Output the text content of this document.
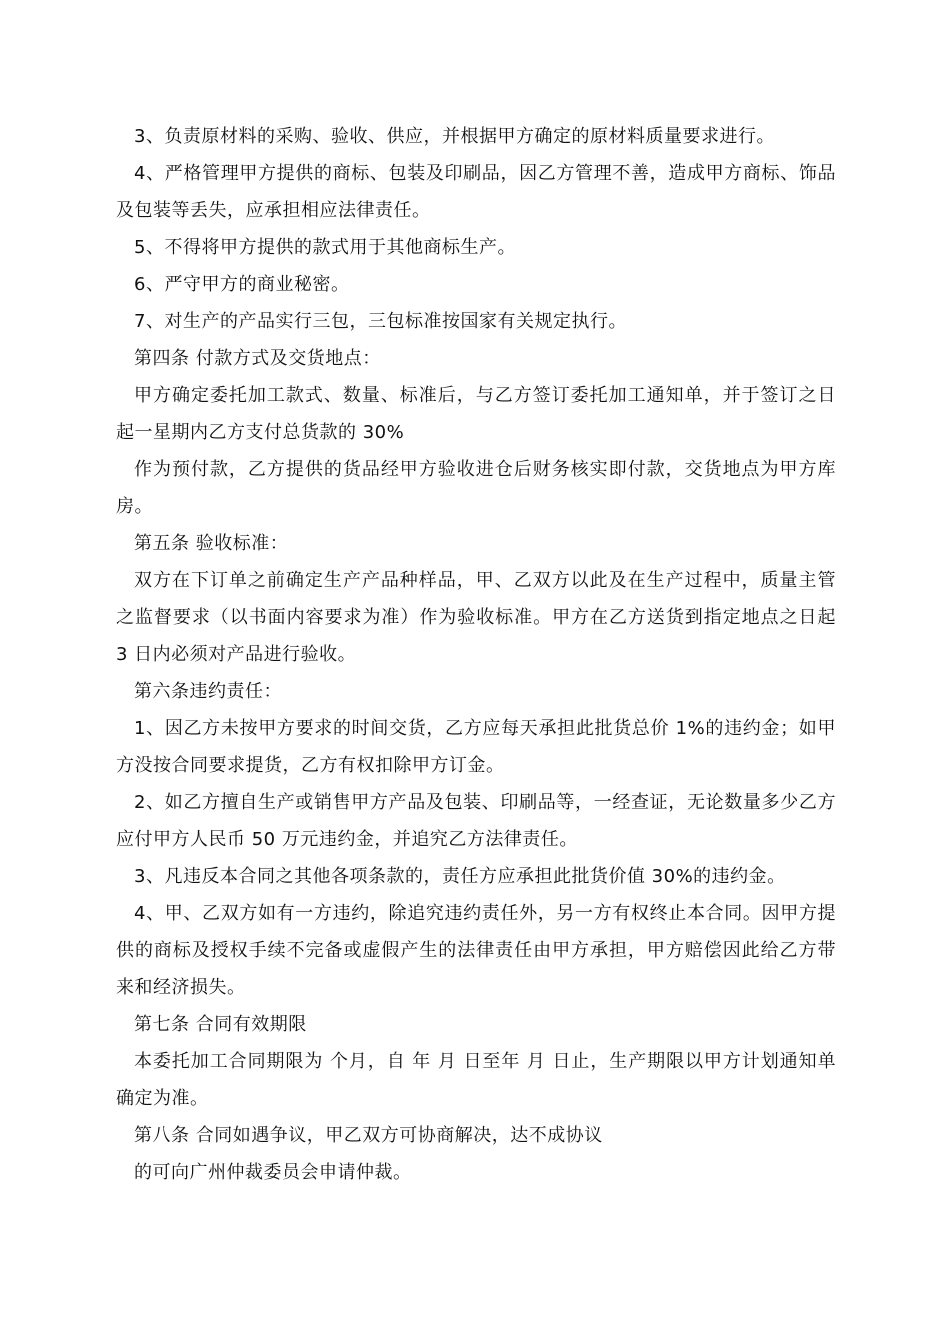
3、负责原材料的采购、验收、供应，并根据甲方确定的原材料质量要求进行。

4、严格管理甲方提供的商标、包装及印刷品，因乙方管理不善，造成甲方商标、饰品及包装等丢失，应承担相应法律责任。

5、不得将甲方提供的款式用于其他商标生产。

6、严守甲方的商业秘密。

7、对生产的产品实行三包，三包标准按国家有关规定执行。

第四条 付款方式及交货地点：

甲方确定委托加工款式、数量、标准后，与乙方签订委托加工通知单，并于签订之日起一星期内乙方支付总货款的 30%

作为预付款，乙方提供的货品经甲方验收进仓后财务核实即付款，交货地点为甲方库房。

第五条 验收标准：

双方在下订单之前确定生产产品种样品，甲、乙双方以此及在生产过程中，质量主管之监督要求（以书面内容要求为准）作为验收标准。甲方在乙方送货到指定地点之日起 3 日内必须对产品进行验收。

第六条违约责任：

1、因乙方未按甲方要求的时间交货，乙方应每天承担此批货总价 1%的违约金；如甲方没按合同要求提货，乙方有权扣除甲方订金。

2、如乙方擅自生产或销售甲方产品及包装、印刷品等，一经查证，无论数量多少乙方应付甲方人民币 50 万元违约金，并追究乙方法律责任。

3、凡违反本合同之其他各项条款的，责任方应承担此批货价值 30%的违约金。

4、甲、乙双方如有一方违约，除追究违约责任外，另一方有权终止本合同。因甲方提供的商标及授权手续不完备或虚假产生的法律责任由甲方承担，甲方赔偿因此给乙方带来和经济损失。

第七条 合同有效期限

本委托加工合同期限为 个月，自 年 月 日至年 月 日止，生产期限以甲方计划通知单确定为准。

第八条 合同如遇争议，甲乙双方可协商解决，达不成协议

的可向广州仲裁委员会申请仲裁。
